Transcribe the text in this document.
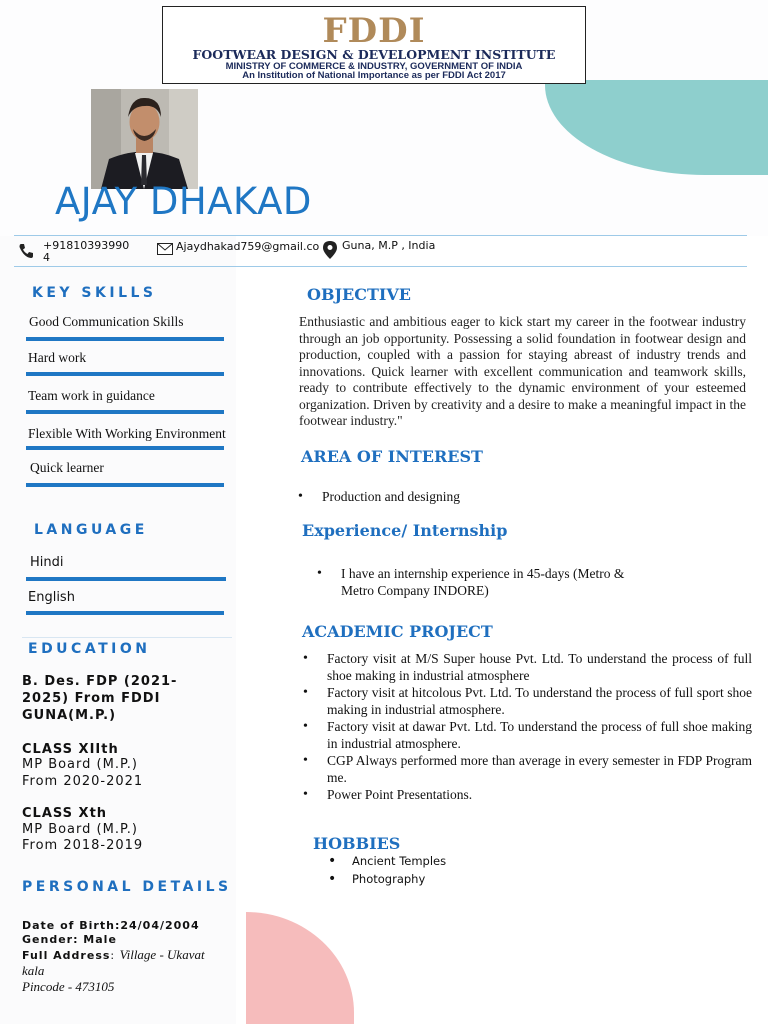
FDDI
FOOTWEAR DESIGN & DEVELOPMENT INSTITUTE
MINISTRY OF COMMERCE & INDUSTRY, GOVERNMENT OF INDIA
An Institution of National Importance as per FDDI Act 2017
AJAY DHAKAD
+91810393990
4
Ajaydhakad759@gmail.co	Guna, M.P , India
KEY SKILLS
Good Communication Skills
Hard work
Team work in guidance
Flexible With Working Environment
Quick learner
LANGUAGE
Hindi
English
EDUCATION
B. Des. FDP (2021-
2025) From FDDI
GUNA(M.P.)
CLASS XIIth
MP Board (M.P.)
From 2020-2021
CLASS Xth
MP Board (M.P.)
From 2018-2019
PERSONAL DETAILS
Date of Birth:24/04/2004
Gender: Male
Full Address: Village - Ukavat
kala
Pincode - 473105
OBJECTIVE
Enthusiastic and ambitious eager to kick start my career in the footwear industry through an job opportunity. Possessing a solid foundation in footwear design and production, coupled with a passion for staying abreast of industry trends and innovations. Quick learner with excellent communication and teamwork skills, ready to contribute effectively to the dynamic environment of your esteemed organization. Driven by creativity and a desire to make a meaningful impact in the footwear industry."
AREA OF INTEREST
• Production and designing
Experience/ Internship
• I have an internship experience in 45-days (Metro & Metro Company INDORE)
ACADEMIC PROJECT
• Factory visit at M/S Super house Pvt. Ltd. To understand the process of full shoe making in industrial atmosphere
• Factory visit at hitcolous Pvt. Ltd. To understand the process of full sport shoe making in industrial atmosphere.
• Factory visit at dawar Pvt. Ltd. To understand the process of full shoe making in industrial atmosphere.
• CGP Always performed more than average in every semester in FDP Program me.
• Power Point Presentations.
HOBBIES
• Ancient Temples
• Photography
